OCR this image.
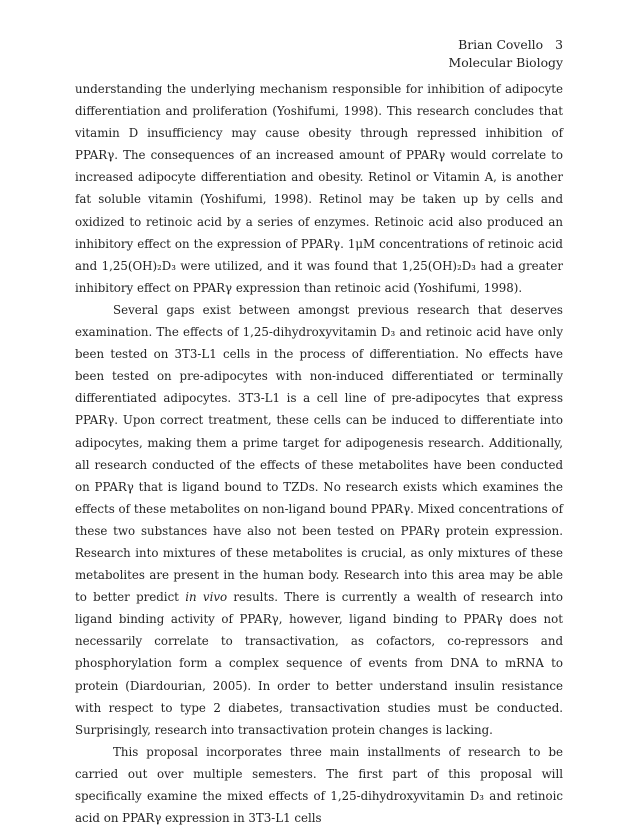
Brian Covello 3
Molecular Biology

understanding the underlying mechanism responsible for inhibition of adipocyte differentiation and proliferation (Yoshifumi, 1998). This research concludes that vitamin D insufficiency may cause obesity through repressed inhibition of PPARγ. The consequences of an increased amount of PPARγ would correlate to increased adipocyte differentiation and obesity. Retinol or Vitamin A, is another fat soluble vitamin (Yoshifumi, 1998). Retinol may be taken up by cells and oxidized to retinoic acid by a series of enzymes. Retinoic acid also produced an inhibitory effect on the expression of PPARγ. 1μM concentrations of retinoic acid and 1,25(OH)₂D₃ were utilized, and it was found that 1,25(OH)₂D₃ had a greater inhibitory effect on PPARγ expression than retinoic acid (Yoshifumi, 1998).

Several gaps exist between amongst previous research that deserves examination. The effects of 1,25-dihydroxyvitamin D₃ and retinoic acid have only been tested on 3T3-L1 cells in the process of differentiation. No effects have been tested on pre-adipocytes with non-induced differentiated or terminally differentiated adipocytes. 3T3-L1 is a cell line of pre-adipocytes that express PPARγ. Upon correct treatment, these cells can be induced to differentiate into adipocytes, making them a prime target for adipogenesis research. Additionally, all research conducted of the effects of these metabolites have been conducted on PPARγ that is ligand bound to TZDs. No research exists which examines the effects of these metabolites on non-ligand bound PPARγ. Mixed concentrations of these two substances have also not been tested on PPARγ protein expression. Research into mixtures of these metabolites is crucial, as only mixtures of these metabolites are present in the human body. Research into this area may be able to better predict in vivo results. There is currently a wealth of research into ligand binding activity of PPARγ, however, ligand binding to PPARγ does not necessarily correlate to transactivation, as cofactors, co-repressors and phosphorylation form a complex sequence of events from DNA to mRNA to protein (Diardourian, 2005). In order to better understand insulin resistance with respect to type 2 diabetes, transactivation studies must be conducted. Surprisingly, research into transactivation protein changes is lacking.

This proposal incorporates three main installments of research to be carried out over multiple semesters. The first part of this proposal will specifically examine the mixed effects of 1,25-dihydroxyvitamin D₃ and retinoic acid on PPARγ expression in 3T3-L1 cells
